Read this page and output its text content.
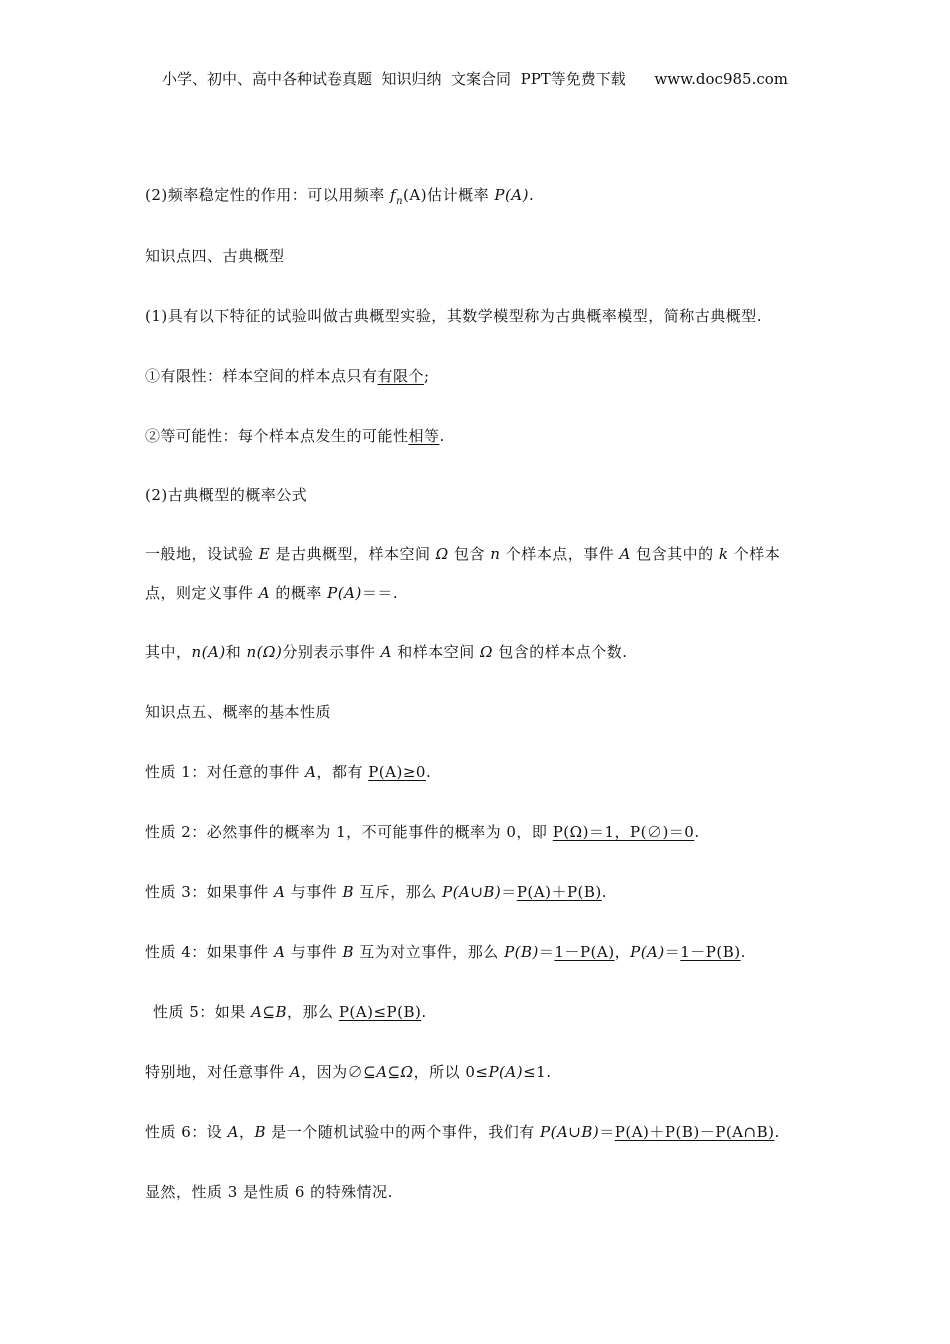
小学、初中、高中各种试卷真题  知识归纳  文案合同  PPT等免费下载 www.doc985.com
(2)频率稳定性的作用：可以用频率 $f_n(A)$估计概率 P(A).
知识点四、古典概型
(1)具有以下特征的试验叫做古典概型实验，其数学模型称为古典概率模型，简称古典概型.
①有限性：样本空间的样本点只有有限个;
②等可能性：每个样本点发生的可能性相等.
(2)古典概型的概率公式
一般地，设试验 E 是古典概型，样本空间 Ω 包含 n 个样本点，事件 A 包含其中的 k 个样本
点，则定义事件 A 的概率 P(A)＝＝.
其中，n(A)和 n(Ω)分别表示事件 A 和样本空间 Ω 包含的样本点个数.
知识点五、概率的基本性质
性质 1：对任意的事件 A，都有 P(A)≥0.
性质 2：必然事件的概率为 1，不可能事件的概率为 0，即 P(Ω)＝1，P(∅)＝0.
性质 3：如果事件 A 与事件 B 互斥，那么 P(A∪B)＝P(A)＋P(B).
性质 4：如果事件 A 与事件 B 互为对立事件，那么 P(B)＝1－P(A)，P(A)＝1－P(B).
性质 5：如果 A⊆B，那么 P(A)≤P(B).
特别地，对任意事件 A，因为∅⊆A⊆Ω，所以 0≤P(A)≤1.
性质 6：设 A，B 是一个随机试验中的两个事件，我们有 P(A∪B)＝P(A)＋P(B)－P(A∩B).
显然，性质 3 是性质 6 的特殊情况.
